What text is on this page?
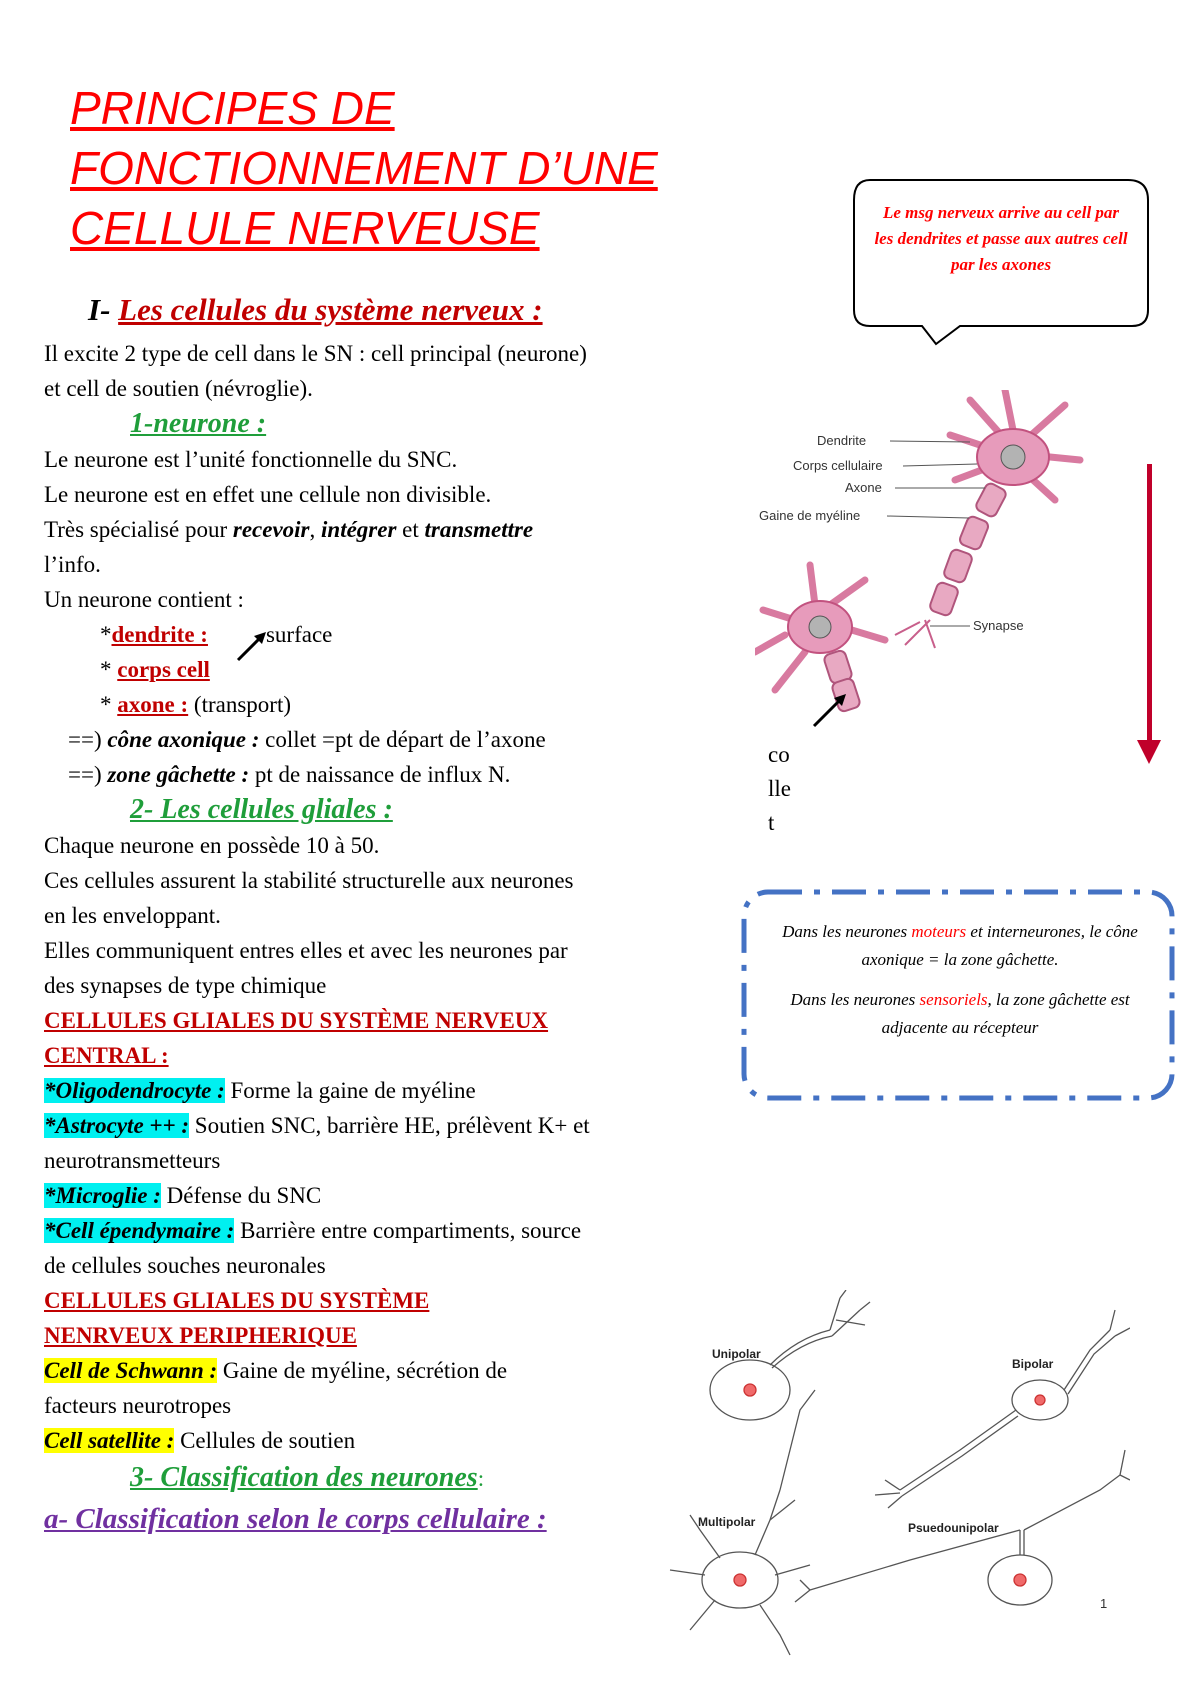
PRINCIPES DE
FONCTIONNEMENT D’UNE
CELLULE NERVEUSE	Le msg nerveux arrive au cell par les dendrites et passe aux autres cell par les axones
I- Les cellules du système nerveux :
Il excite 2 type de cell dans le SN : cell principal (neurone)
et cell de soutien (névroglie).
1-neurone :
Le neurone est l’unité fonctionnelle du SNC.
Le neurone est en effet une cellule non divisible.
Très spécialisé pour recevoir, intégrer et transmettre
l’info.
Un neurone contient :
*dendrite :	surface
* corps cell
* axone : (transport)
==) cône axonique : collet =pt de départ de l’axone
==) zone gâchette : pt de naissance de influx N.
2- Les cellules gliales :
Chaque neurone en possède 10 à 50.
Ces cellules assurent la stabilité structurelle aux neurones
en les enveloppant.
Elles communiquent entres elles et avec les neurones par
des synapses de type chimique
CELLULES GLIALES DU SYSTÈME NERVEUX
CENTRAL :
*Oligodendrocyte : Forme la gaine de myéline
*Astrocyte ++ : Soutien SNC, barrière HE, prélèvent K+ et
neurotransmetteurs
*Microglie : Défense du SNC
*Cell épendymaire : Barrière entre compartiments, source
de cellules souches neuronales
CELLULES GLIALES DU SYSTÈME
NENRVEUX PERIPHERIQUE
Cell de Schwann : Gaine de myéline, sécrétion de
facteurs neurotropes
Cell satellite : Cellules de soutien
3- Classification des neurones:
a- Classification selon le corps cellulaire :
Dendrite
Corps cellulaire
Axone
Gaine de myéline
Synapse
co
lle
t
Dans les neurones moteurs et interneurones, le cône axonique = la zone gâchette.
Dans les neurones sensoriels, la zone gâchette est adjacente au récepteur
Unipolar
Bipolar
Multipolar	Psuedounipolar
1
